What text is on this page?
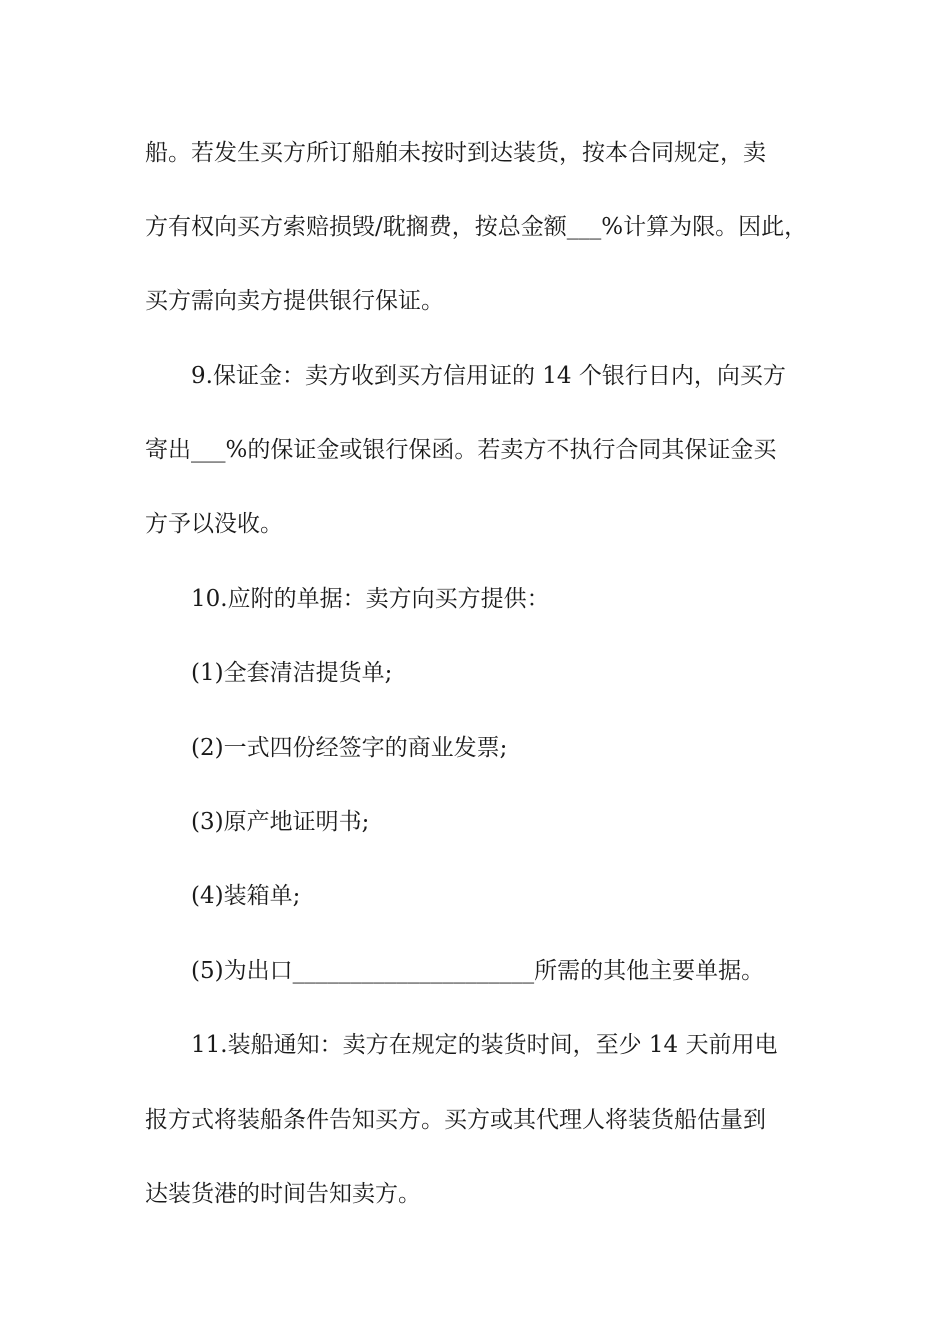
船。若发生买方所订船舶未按时到达装货，按本合同规定，卖
方有权向买方索赔损毁/耽搁费，按总金额___%计算为限。因此，
买方需向卖方提供银行保证。
9.保证金：卖方收到买方信用证的 14 个银行日内，向买方
寄出___%的保证金或银行保函。若卖方不执行合同其保证金买
方予以没收。
10.应附的单据：卖方向买方提供：
(1)全套清洁提货单;
(2)一式四份经签字的商业发票;
(3)原产地证明书;
(4)装箱单;
(5)为出口_____________________所需的其他主要单据。
11.装船通知：卖方在规定的装货时间，至少 14 天前用电
报方式将装船条件告知买方。买方或其代理人将装货船估量到
达装货港的时间告知卖方。
